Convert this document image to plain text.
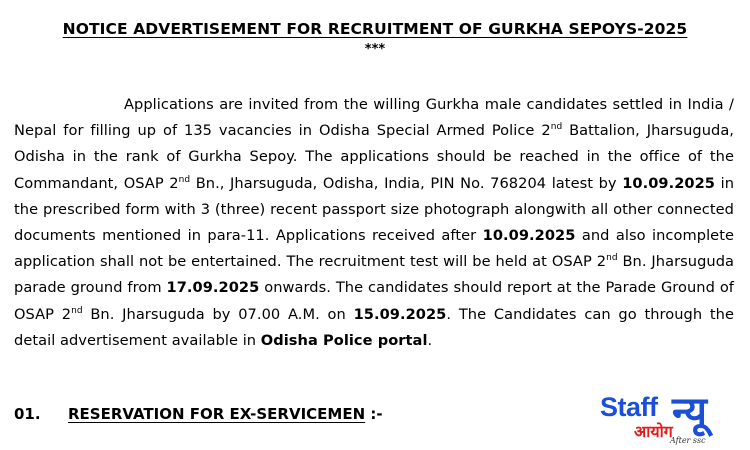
NOTICE ADVERTISEMENT FOR RECRUITMENT OF GURKHA SEPOYS-2025
***

Applications are invited from the willing Gurkha male candidates settled in India / Nepal for filling up of 135 vacancies in Odisha Special Armed Police 2nd Battalion, Jharsuguda, Odisha in the rank of Gurkha Sepoy. The applications should be reached in the office of the Commandant, OSAP 2nd Bn., Jharsuguda, Odisha, India, PIN No. 768204 latest by 10.09.2025 in the prescribed form with 3 (three) recent passport size photograph alongwith all other connected documents mentioned in para-11. Applications received after 10.09.2025 and also incomplete application shall not be entertained. The recruitment test will be held at OSAP 2nd Bn. Jharsuguda parade ground from 17.09.2025 onwards. The candidates should report at the Parade Ground of OSAP 2nd Bn. Jharsuguda by 07.00 A.M. on 15.09.2025. The Candidates can go through the detail advertisement available in Odisha Police portal.

01. RESERVATION FOR EX-SERVICEMEN :-	Staff न्यू
आयोग
After ssc
